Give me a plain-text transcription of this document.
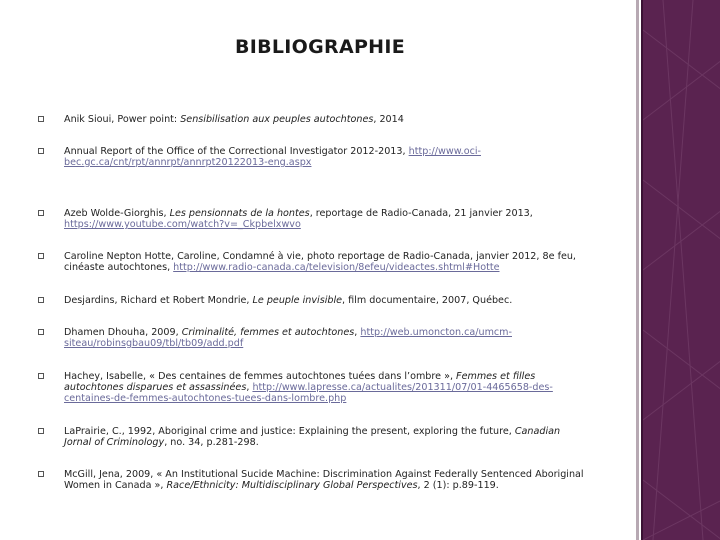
BIBLIOGRAPHIE
Anik Sioui, Power point: Sensibilisation aux peuples autochtones, 2014
Annual Report of the Office of the Correctional Investigator 2012-2013, http://www.oci-bec.gc.ca/cnt/rpt/annrpt/annrpt20122013-eng.aspx
Azeb Wolde-Giorghis, Les pensionnats de la hontes, reportage de Radio-Canada, 21 janvier 2013, https://www.youtube.com/watch?v=_Ckpbelxwvo
Caroline Nepton Hotte, Caroline, Condamné à vie, photo reportage de Radio-Canada, janvier 2012, 8e feu, cinéaste autochtones, http://www.radio-canada.ca/television/8efeu/videactes.shtml#Hotte
Desjardins, Richard et Robert Mondrie, Le peuple invisible, film documentaire, 2007, Québec.
Dhamen Dhouha, 2009, Criminalité, femmes et autochtones, http://web.umoncton.ca/umcm-siteau/robinsgbau09/tbl/tb09/add.pdf
Hachey, Isabelle, « Des centaines de femmes autochtones tuées dans l’ombre », Femmes et filles autochtones disparues et assassinées, http://www.lapresse.ca/actualites/201311/07/01-4465658-des-centaines-de-femmes-autochtones-tuees-dans-lombre.php
LaPrairie, C., 1992, Aboriginal crime and justice: Explaining the present, exploring the future, Canadian Jornal of Criminology, no. 34, p.281-298.
McGill, Jena, 2009, « An Institutional Sucide Machine: Discrimination Against Federally Sentenced Aboriginal Women in Canada », Race/Ethnicity: Multidisciplinary Global Perspectives, 2 (1): p.89-119.
